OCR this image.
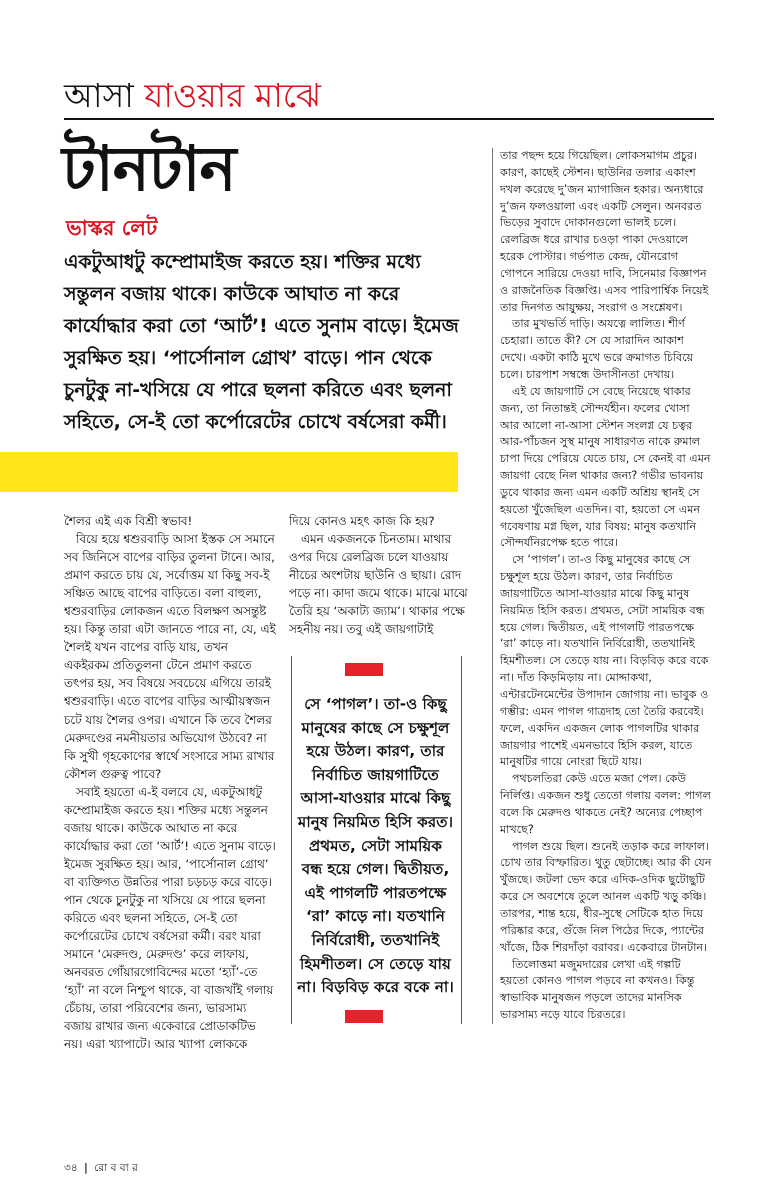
আসা যাওয়ার মাঝে
টানটান
ভাস্কর লেট
একটুআধটু কম্প্রোমাইজ করতে হয়। শক্তির মধ্যে সন্তুলন বজায় থাকে। কাউকে আঘাত না করে কার্যোদ্ধার করা তো ‘আর্ট’! এতে সুনাম বাড়ে। ইমেজ সুরক্ষিত হয়। ‘পার্সোনাল গ্রোথ’ বাড়ে। পান থেকে চুনটুকু না-খসিয়ে যে পারে ছলনা করিতে এবং ছলনা সহিতে, সে-ই তো কর্পোরেটের চোখে বর্ষসেরা কর্মী।

শৈলর এই এক বিশ্রী স্বভাব!

বিয়ে হয়ে শ্বশুরবাড়ি আসা ইস্তক সে সমানে সব জিনিসে বাপের বাড়ির তুলনা টানে। আর, প্রমাণ করতে চায় যে, সর্বোত্তম যা কিছু সব-ই সঞ্চিত আছে বাপের বাড়িতে। বলা বাহুল্য, শ্বশুরবাড়ির লোকজন এতে বিলক্ষণ অসন্তুষ্ট হয়। কিন্তু তারা এটা জানতে পারে না, যে, এই শৈলই যখন বাপের বাড়ি যায়, তখন একইরকম প্রতিতুলনা টেনে প্রমাণ করতে তৎপর হয়, সব বিষয়ে সবচেয়ে এগিয়ে তারই শ্বশুরবাড়ি। এতে বাপের বাড়ির আত্মীয়স্বজন চটে যায় শৈলর ওপর। এখানে কি তবে শৈলর মেরুদণ্ডের নমনীয়তার অভিযোগ উঠবে? না কি সুখী গৃহকোণের স্বার্থে সংসারে সাম্য রাখার কৌশল গুরুত্ব পাবে?

সবাই হয়তো এ-ই বলবে যে, একটুআধটু কম্প্রোমাইজ করতে হয়। শক্তির মধ্যে সন্তুলন বজায় থাকে। কাউকে আঘাত না করে কার্যোদ্ধার করা তো ‘আর্ট’! এতে সুনাম বাড়ে। ইমেজ সুরক্ষিত হয়। আর, ‘পার্সোনাল গ্রোথ’ বা ব্যক্তিগত উন্নতির পারা চড়চড় করে বাড়ে। পান থেকে চুনটুকু না খসিয়ে যে পারে ছলনা করিতে এবং ছলনা সহিতে, সে-ই তো কর্পোরেটের চোখে বর্ষসেরা কর্মী। বরং যারা সমানে ‘মেরুদণ্ড, মেরুদণ্ড’ করে লাফায়, অনবরত গোঁয়ারগোবিন্দের মতো ‘হ্যাঁ’-তে ‘হ্যাঁ’ না বলে নিশ্চুপ থাকে, বা বাজখাঁই গলায় চেঁচায়, তারা পরিবেশের জন্য, ভারসাম্য বজায় রাখার জন্য একেবারে প্রোডাকটিভ নয়। এরা খ্যাপাটে। আর খ্যাপা লোককে

দিয়ে কোনও মহৎ কাজ কি হয়?

এমন একজনকে চিনতাম। মাথার ওপর দিয়ে রেলব্রিজ চলে যাওয়ায় নীচের অংশটায় ছাউনি ও ছায়া। রোদ পড়ে না। কাদা জমে থাকে। মাঝে মাঝে তৈরি হয় ‘অকাট্য জ্যাম’। থাকার পক্ষে সহনীয় নয়। তবু এই জায়গাটাই

সে ‘পাগল’। তা-ও কিছু মানুষের কাছে সে চক্ষুশূল হয়ে উঠল। কারণ, তার নির্বাচিত জায়গাটিতে আসা-যাওয়ার মাঝে কিছু মানুষ নিয়মিত হিসি করত। প্রথমত, সেটা সাময়িক বন্ধ হয়ে গেল। দ্বিতীয়ত, এই পাগলটি পারতপক্ষে ‘রা’ কাড়ে না। যতখানি নির্বিরোধী, ততখানিই হিমশীতল। সে তেড়ে যায় না। বিড়বিড় করে বকে না।

তার পছন্দ হয়ে গিয়েছিল। লোকসমাগম প্রচুর। কারণ, কাছেই স্টেশন। ছাউনির তলার একাংশ দখল করেছে দু’জন ম্যাগাজিন হকার। অন্যধারে দু’জন ফলওয়ালা এবং একটি সেলুন। অনবরত ভিড়ের সুবাদে দোকানগুলো ভালই চলে। রেলব্রিজ ধরে রাখার চওড়া পাকা দেওয়ালে হরেক পোস্টার। গর্ভপাত কেন্দ্র, যৌনরোগ গোপনে সারিয়ে দেওয়া দাবি, সিনেমার বিজ্ঞাপন ও রাজনৈতিক বিজ্ঞপ্তি। এসব পারিপার্শ্বিক নিয়েই তার দিনগত আয়ুক্ষয়, সংরাগ ও সংশ্লেষণ।

তার মুখভর্তি দাড়ি। অযত্নে লালিত। শীর্ণ চেহারা। তাতে কী? সে যে সারাদিন আকাশ দেখে। একটা কাঠি মুখে ভরে ক্রমাগত চিবিয়ে চলে। চারপাশ সম্বন্ধে উদাসীনতা দেখায়।

এই যে জায়গাটি সে বেছে নিয়েছে থাকার জন্য, তা নিতান্তই সৌন্দর্যহীন। ফলের খোসা আর আলো না-আসা স্টেশন সংলগ্ন যে চত্বর আর-পাঁচজন সুস্থ মানুষ সাধারণত নাকে রুমাল চাপা দিয়ে পেরিয়ে যেতে চায়, সে কেনই বা এমন জায়গা বেছে নিল থাকার জন্য? গভীর ভাবনায় ডুবে থাকার জন্য এমন একটি অশ্রিয় স্থানই সে হয়তো খুঁজেছিল এতদিন। বা, হয়তো সে এমন গবেষণায় মগ্ন ছিল, যার বিষয়: মানুষ কতখানি সৌন্দর্যনিরপেক্ষ হতে পারে।

সে ‘পাগল’। তা-ও কিছু মানুষের কাছে সে চক্ষুশূল হয়ে উঠল। কারণ, তার নির্বাচিত জায়গাটিতে আসা-যাওয়ার মাঝে কিছু মানুষ নিয়মিত হিসি করত। প্রথমত, সেটা সাময়িক বন্ধ হয়ে গেল। দ্বিতীয়ত, এই পাগলটি পারতপক্ষে ‘রা’ কাড়ে না। যতখানি নির্বিরোধী, ততখানিই হিমশীতল। সে তেড়ে যায় না। বিড়বিড় করে বকে না। দাঁত কিড়মিড়ায় না। মোদ্দাকথা, এন্টারটেনমেন্টের উপাদান জোগায় না। ভাবুক ও গম্ভীর: এমন পাগল গাত্রদাহ তো তৈরি করবেই। ফলে, একদিন একজন লোক পাগলটির থাকার জায়গার পাশেই এমনভাবে হিসি করল, যাতে মানুষটির গায়ে নোংরা ছিটে যায়।

পথচলতিরা কেউ এতে মজা পেল। কেউ নির্লিপ্ত। একজন শুধু তেতো গলায় বলল: পাগল বলে কি মেরুদণ্ড থাকতে নেই? অন্যের পেচ্ছাপ মাখছে?

পাগল শুয়ে ছিল। শুনেই তড়াক করে লাফাল। চোখ তার বিস্ফারিত। থুতু ছেটাচ্ছে। আর কী যেন খুঁজছে। জটলা ভেদ করে এদিক-ওদিক ছুটোছুটি করে সে অবশেষে তুলে আনল একটি খড়ু কঞ্চি। তারপর, শান্ত হয়ে, ধীর-সুস্থে সেটিকে হাত দিয়ে পরিষ্কার করে, গুঁজে নিল পিঠের দিকে, প্যান্টের খাঁজে, ঠিক শিরদাঁড়া বরাবর। একেবারে টানটান।

তিলোত্তমা মজুমদারের লেখা এই গল্পটি হয়তো কোনও পাগল পড়বে না কখনও। কিন্তু স্বাভাবিক মানুষজন পড়লে তাদের মানসিক ভারসাম্য নড়ে যাবে চিরতরে।

৩৪ | রো ব বা র
